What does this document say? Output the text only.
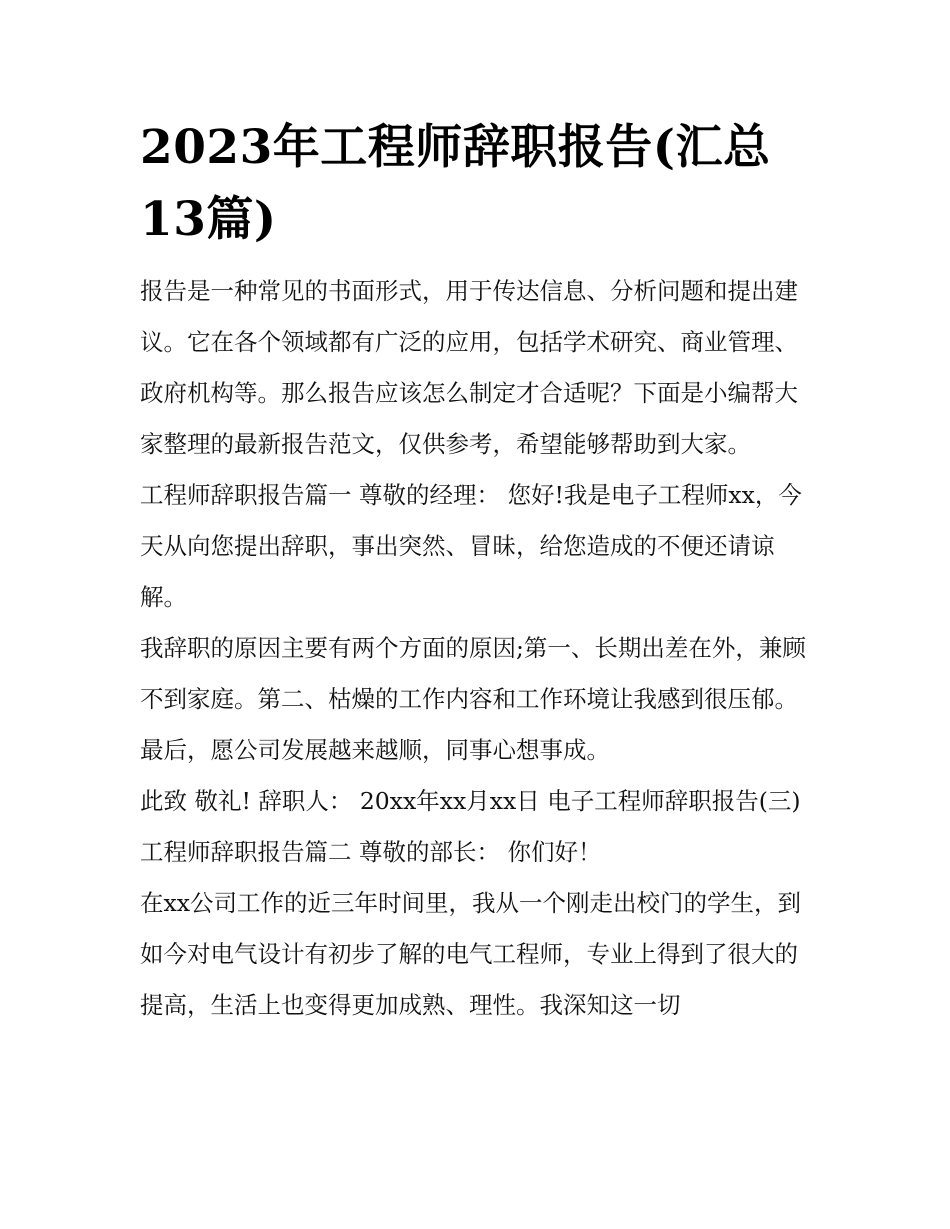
2023年工程师辞职报告(汇总13篇)

报告是一种常见的书面形式，用于传达信息、分析问题和提出建议。它在各个领域都有广泛的应用，包括学术研究、商业管理、政府机构等。那么报告应该怎么制定才合适呢？下面是小编帮大家整理的最新报告范文，仅供参考，希望能够帮助到大家。

工程师辞职报告篇一 尊敬的经理： 您好!我是电子工程师xx，今天从向您提出辞职，事出突然、冒昧，给您造成的不便还请谅解。

我辞职的原因主要有两个方面的原因;第一、长期出差在外，兼顾不到家庭。第二、枯燥的工作内容和工作环境让我感到很压郁。 最后，愿公司发展越来越顺，同事心想事成。

此致 敬礼! 辞职人： 20xx年xx月xx日 电子工程师辞职报告(三) 工程师辞职报告篇二 尊敬的部长： 你们好！

在xx公司工作的近三年时间里，我从一个刚走出校门的学生，到如今对电气设计有初步了解的电气工程师，专业上得到了很大的提高，生活上也变得更加成熟、理性。我深知这一切
